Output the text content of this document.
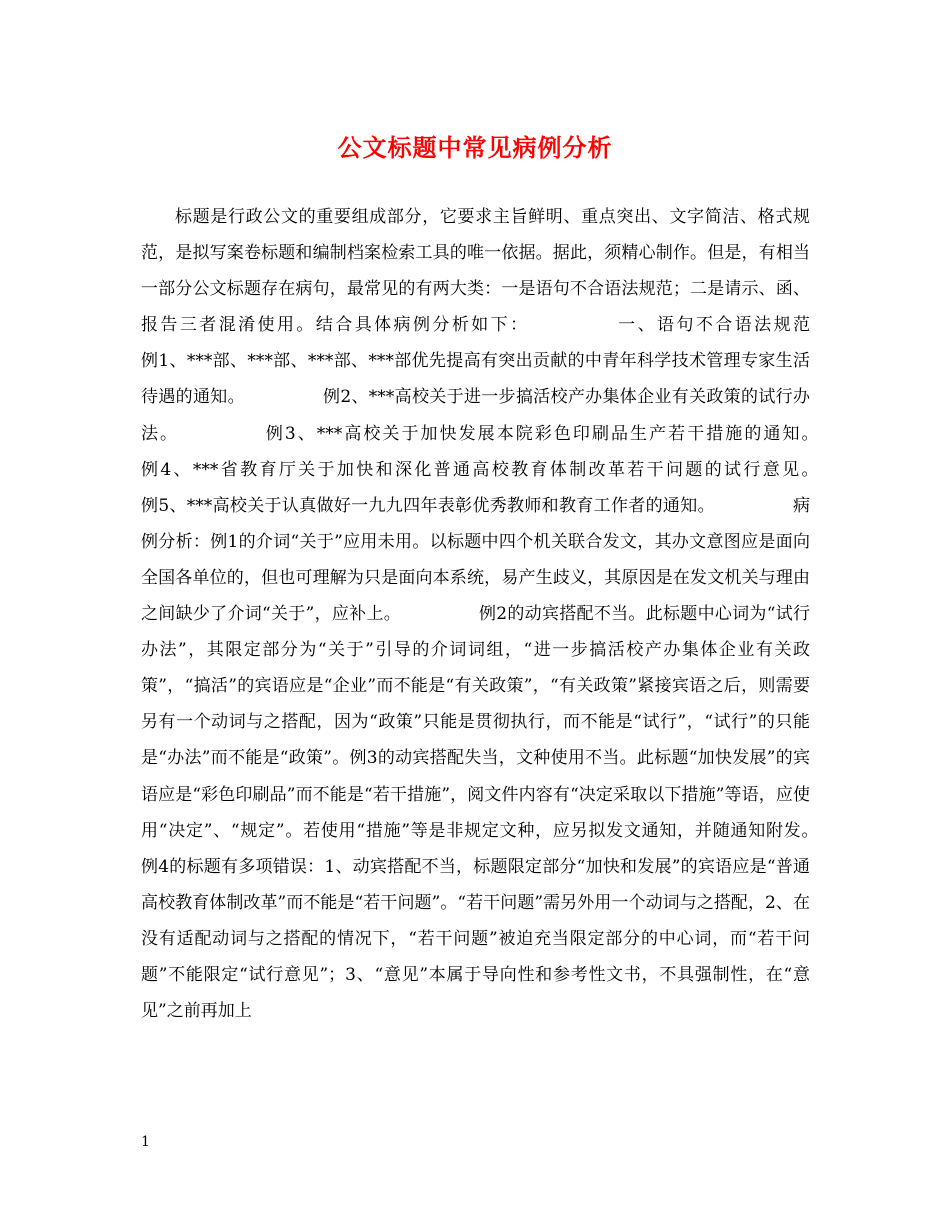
公文标题中常见病例分析

标题是行政公文的重要组成部分，它要求主旨鲜明、重点突出、文字简洁、格式规范，是拟写案卷标题和编制档案检索工具的唯一依据。据此，须精心制作。但是，有相当一部分公文标题存在病句，最常见的有两大类：一是语句不合语法规范；二是请示、函、报告三者混淆使用。结合具体病例分析如下：　　　　　一、语句不合语法规范　　　　　例1、***部、***部、***部、***部优先提高有突出贡献的中青年科学技术管理专家生活待遇的通知。　　　　　例2、***高校关于进一步搞活校产办集体企业有关政策的试行办法。　　　　　例3、***高校关于加快发展本院彩色印刷品生产若干措施的通知。　　　　　例4、***省教育厅关于加快和深化普通高校教育体制改革若干问题的试行意见。　　　　　例5、***高校关于认真做好一九九四年表彰优秀教师和教育工作者的通知。　　　　　病例分析：例1的介词“关于”应用未用。以标题中四个机关联合发文，其办文意图应是面向全国各单位的，但也可理解为只是面向本系统，易产生歧义，其原因是在发文机关与理由之间缺少了介词“关于”，应补上。　　　　　例2的动宾搭配不当。此标题中心词为“试行办法”，其限定部分为“关于”引导的介词词组，“进一步搞活校产办集体企业有关政策”，“搞活”的宾语应是“企业”而不能是“有关政策”，“有关政策”紧接宾语之后，则需要另有一个动词与之搭配，因为“政策”只能是贯彻执行，而不能是“试行”，“试行”的只能是“办法”而不能是“政策”。例3的动宾搭配失当，文种使用不当。此标题“加快发展”的宾语应是“彩色印刷品”而不能是“若干措施”，阅文件内容有“决定采取以下措施”等语，应使用“决定”、“规定”。若使用“措施”等是非规定文种，应另拟发文通知，并随通知附发。　　　　　例4的标题有多项错误：1、动宾搭配不当，标题限定部分“加快和发展”的宾语应是“普通高校教育体制改革”而不能是“若干问题”。“若干问题”需另外用一个动词与之搭配，2、在没有适配动词与之搭配的情况下，“若干问题”被迫充当限定部分的中心词，而“若干问题”不能限定“试行意见”；3、“意见”本属于导向性和参考性文书，不具强制性，在“意见”之前再加上

1
